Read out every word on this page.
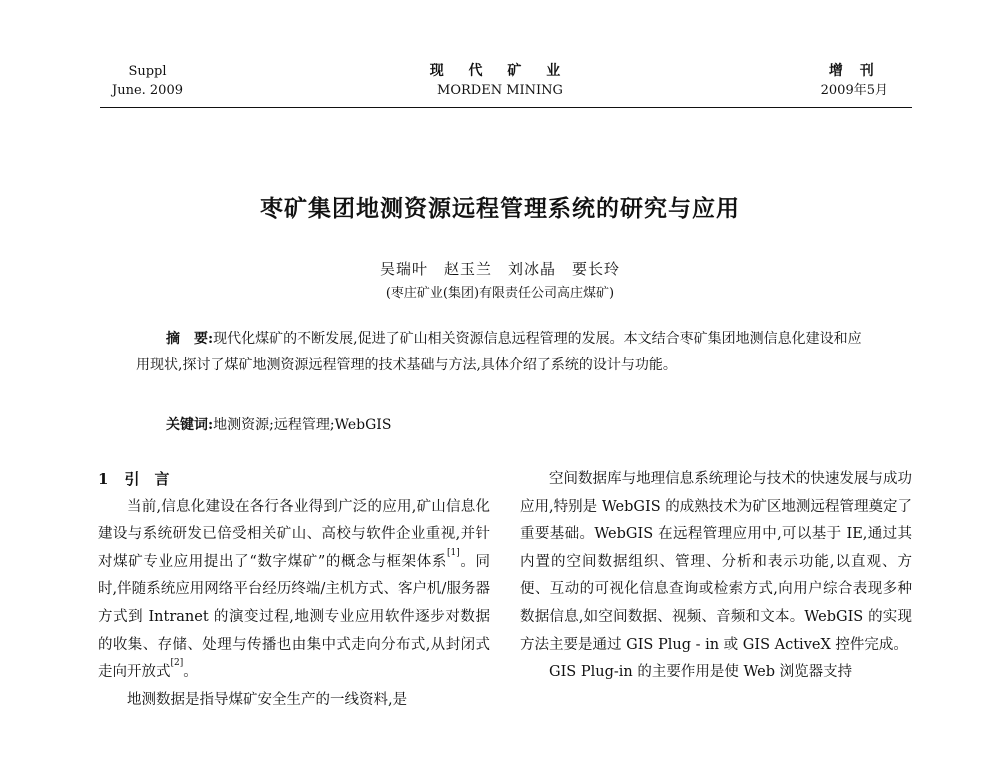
Suppl
June. 2009
现 代 矿 业
MORDEN MINING
增 刊
2009年5月
枣矿集团地测资源远程管理系统的研究与应用
吴瑞叶　赵玉兰　刘冰晶　要长玲
(枣庄矿业(集团)有限责任公司高庄煤矿)
摘　要:现代化煤矿的不断发展,促进了矿山相关资源信息远程管理的发展。本文结合枣矿集团地测信息化建设和应用现状,探讨了煤矿地测资源远程管理的技术基础与方法,具体介绍了系统的设计与功能。
关键词:地测资源;远程管理;WebGIS
1 引　言

当前,信息化建设在各行各业得到广泛的应用,矿山信息化建设与系统研发已倍受相关矿山、高校与软件企业重视,并针对煤矿专业应用提出了“数字煤矿”的概念与框架体系[1]。同时,伴随系统应用网络平台经历终端/主机方式、客户机/服务器方式到 Intranet 的演变过程,地测专业应用软件逐步对数据的收集、存储、处理与传播也由集中式走向分布式,从封闭式走向开放式[2]。

地测数据是指导煤矿安全生产的一线资料,是

空间数据库与地理信息系统理论与技术的快速发展与成功应用,特别是 WebGIS 的成熟技术为矿区地测远程管理奠定了重要基础。WebGIS 在远程管理应用中,可以基于 IE,通过其内置的空间数据组织、管理、分析和表示功能,以直观、方便、互动的可视化信息查询或检索方式,向用户综合表现多种数据信息,如空间数据、视频、音频和文本。WebGIS 的实现方法主要是通过 GIS Plug - in 或 GIS ActiveX 控件完成。

GIS Plug-in 的主要作用是使 Web 浏览器支持
